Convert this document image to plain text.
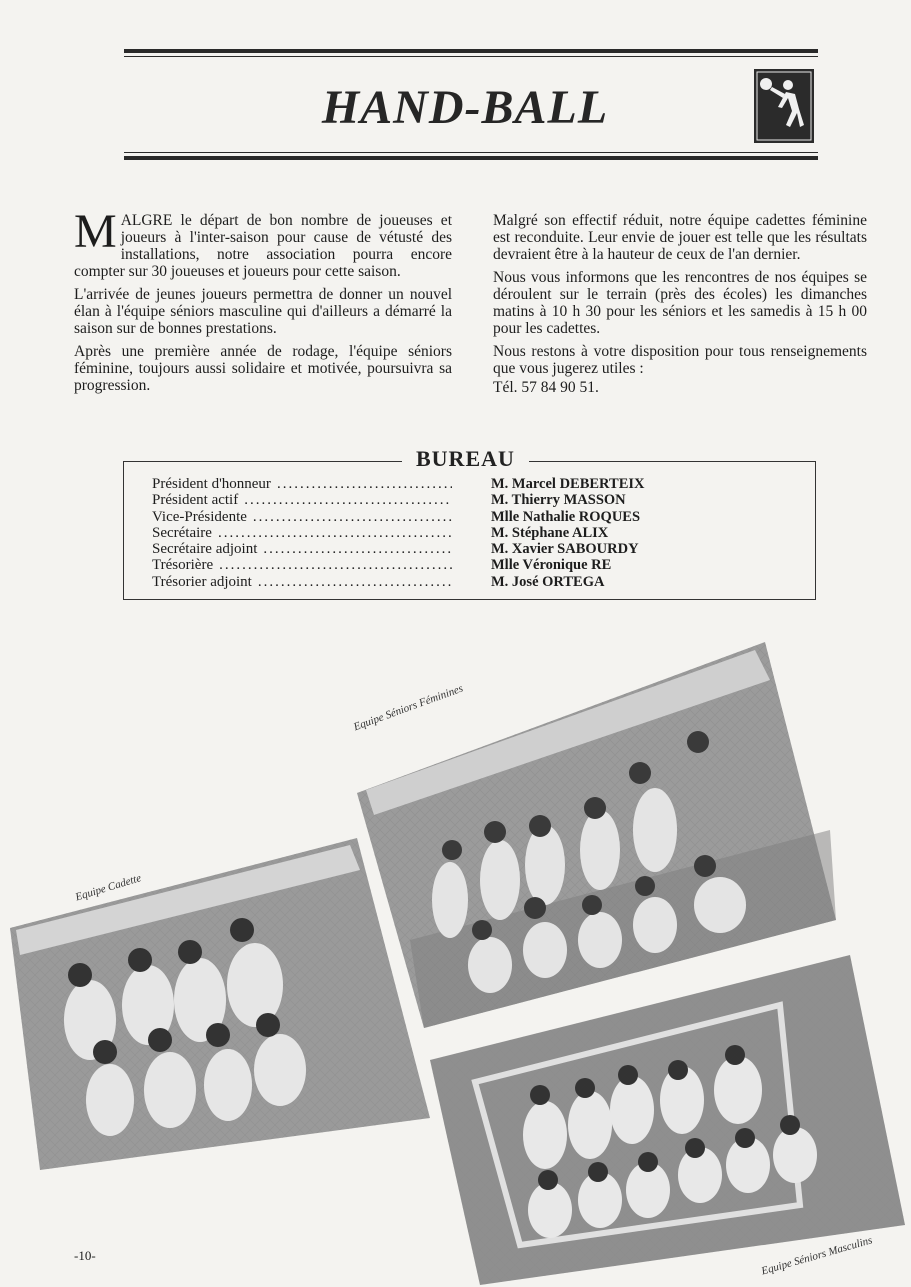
HAND-BALL

MALGRE le départ de bon nombre de joueuses et joueurs à l'inter-saison pour cause de vétusté des installations, notre association pourra encore compter sur 30 joueuses et joueurs pour cette saison.

L'arrivée de jeunes joueurs permettra de donner un nouvel élan à l'équipe séniors masculine qui d'ailleurs a démarré la saison sur de bonnes prestations.

Après une première année de rodage, l'équipe séniors féminine, toujours aussi solidaire et motivée, poursuivra sa progression.

Malgré son effectif réduit, notre équipe cadettes féminine est reconduite. Leur envie de jouer est telle que les résultats devraient être à la hauteur de ceux de l'an dernier.

Nous vous informons que les rencontres de nos équipes se déroulent sur le terrain (près des écoles) les dimanches matins à 10 h 30 pour les séniors et les samedis à 15 h 00 pour les cadettes.

Nous restons à votre disposition pour tous renseignements que vous jugerez utiles :

Tél. 57 84 90 51.

BUREAU
Président d'honneur
.....
Président actif
.....
Vice-Présidente
.....
Secrétaire
.....
Secrétaire adjoint
.....
Trésorière
.....
Trésorier adjoint
.....
M. Marcel DEBERTEIX
M. Thierry MASSON
Mlle Nathalie ROQUES
M. Stéphane ALIX
M. Xavier SABOURDY
Mlle Véronique RE
M. José ORTEGA
Equipe Séniors Féminines
Equipe Cadette
Equipe Séniors Masculins
-10-
